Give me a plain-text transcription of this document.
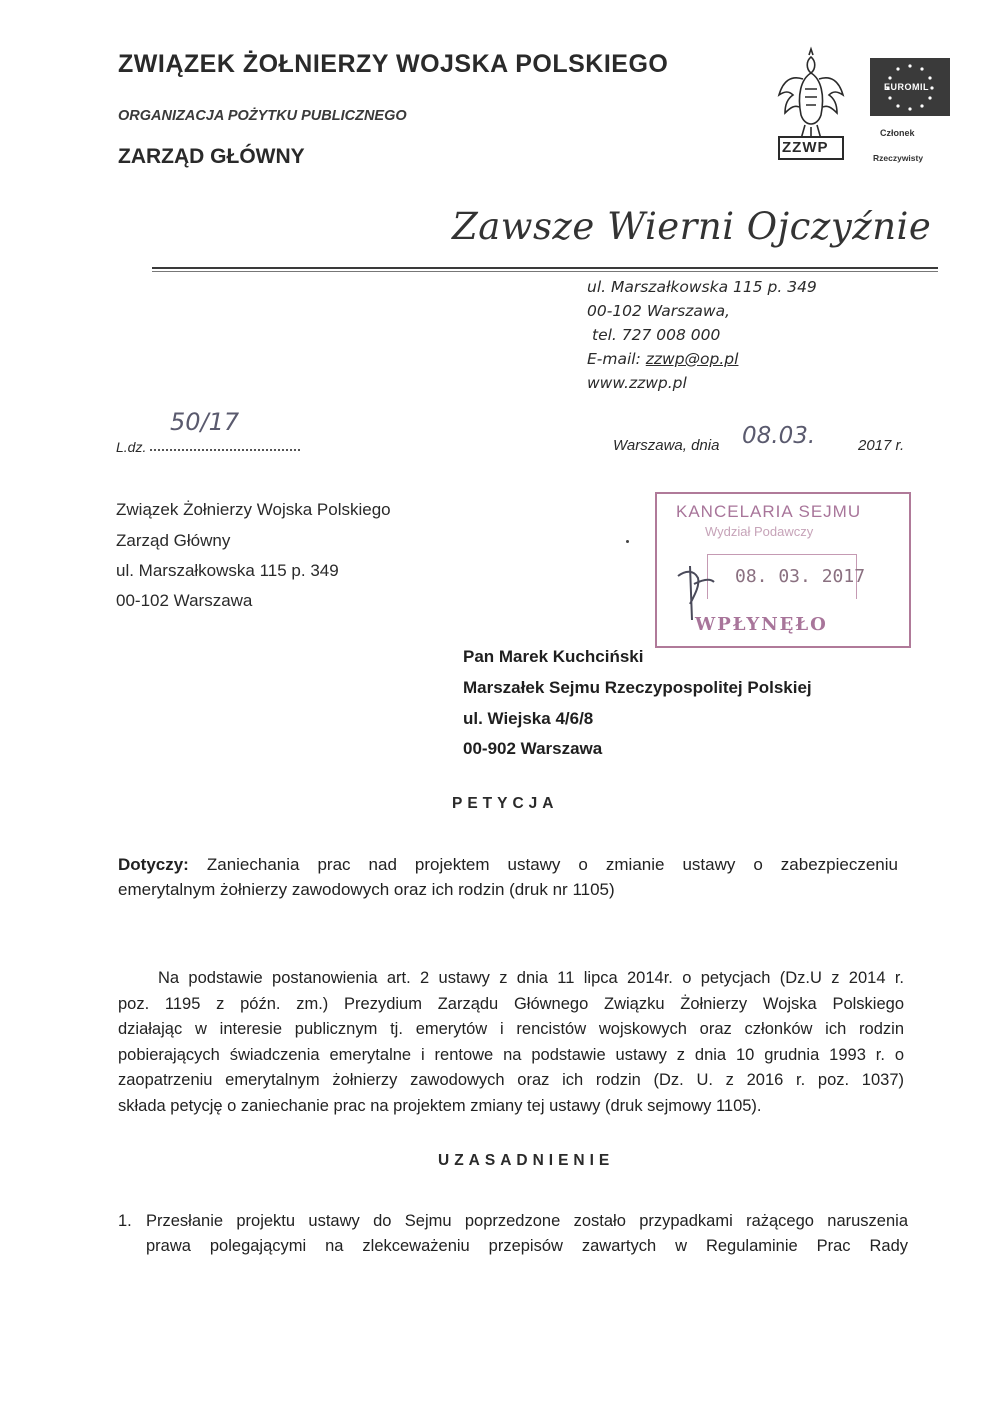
ZWIĄZEK ŻOŁNIERZY WOJSKA POLSKIEGO
ORGANIZACJA POŻYTKU PUBLICZNEGO
ZARZĄD GŁÓWNY	ZZWP
EUROMIL
Członek
Rzeczywisty
Zawsze Wierni Ojczyźnie
ul. Marszałkowska 115 p. 349
00-102 Warszawa,
tel. 727 008 000
E-mail: zzwp@op.pl
www.zzwp.pl
L.dz.
50/17
Warszawa, dnia 08.03.	2017 r.
Związek Żołnierzy Wojska Polskiego
Zarząd Główny
ul. Marszałkowska 115 p. 349
00-102 Warszawa
KANCELARIA SEJMU
Wydział Podawczy
08. 03. 2017
WPŁYNĘŁO
Pan Marek Kuchciński
Marszałek Sejmu Rzeczypospolitej Polskiej
ul. Wiejska 4/6/8
00-902 Warszawa
PETYCJA
Dotyczy: Zaniechania prac nad projektem ustawy o zmianie ustawy o zabezpieczeniu
emerytalnym żołnierzy zawodowych oraz ich rodzin (druk nr 1105)
Na podstawie postanowienia art. 2 ustawy z dnia 11 lipca 2014r. o petycjach (Dz.U z 2014 r.
poz. 1195 z późn. zm.) Prezydium Zarządu Głównego Związku Żołnierzy Wojska Polskiego
działając w interesie publicznym tj. emerytów i rencistów wojskowych oraz członków ich rodzin
pobierających świadczenia emerytalne i rentowe na podstawie ustawy z dnia 10 grudnia 1993 r. o
zaopatrzeniu emerytalnym żołnierzy zawodowych oraz ich rodzin (Dz. U. z 2016 r. poz. 1037)
składa petycję o zaniechanie prac na projektem zmiany tej ustawy (druk sejmowy 1105).
UZASADNIENIE
1. Przesłanie projektu ustawy do Sejmu poprzedzone zostało przypadkami rażącego naruszenia
prawa polegającymi na zlekceważeniu przepisów zawartych w Regulaminie Prac Rady
